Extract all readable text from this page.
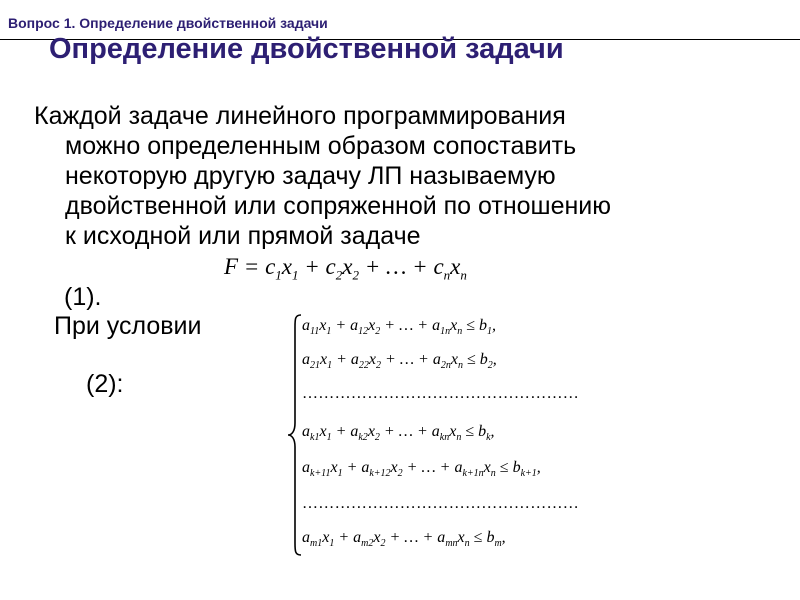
Вопрос 1. Определение двойственной задачи
Определение двойственной задачи
Каждой задаче линейного программирования
можно определенным образом сопоставить
некоторую другую задачу ЛП называемую
двойственной или сопряженной по отношению
к исходной или прямой задаче
$F = c_1x_1 + c_2x_2$ + … + $c_nx_n$
(1).
При условии
(2):
$a_{11}x_1 + a_{12}x_2$ + … + $a_{1n}x_n \le b_1$,
$a_{21}x_1 + a_{22}x_2$ + … + $a_{2n}x_n \le b_2$,
……………………………………………
$a_{k1}x_1 + a_{k2}x_2$ + … + $a_{kn}x_n \le b_k$,
$a_{k+11}x_1 + a_{k+12}x_2$ + … + $a_{k+1n}x_n \le b_{k+1}$,
……………………………………………
$a_{m1}x_1 + a_{m2}x_2$ + … + $a_{mn}x_n \le b_m$,
